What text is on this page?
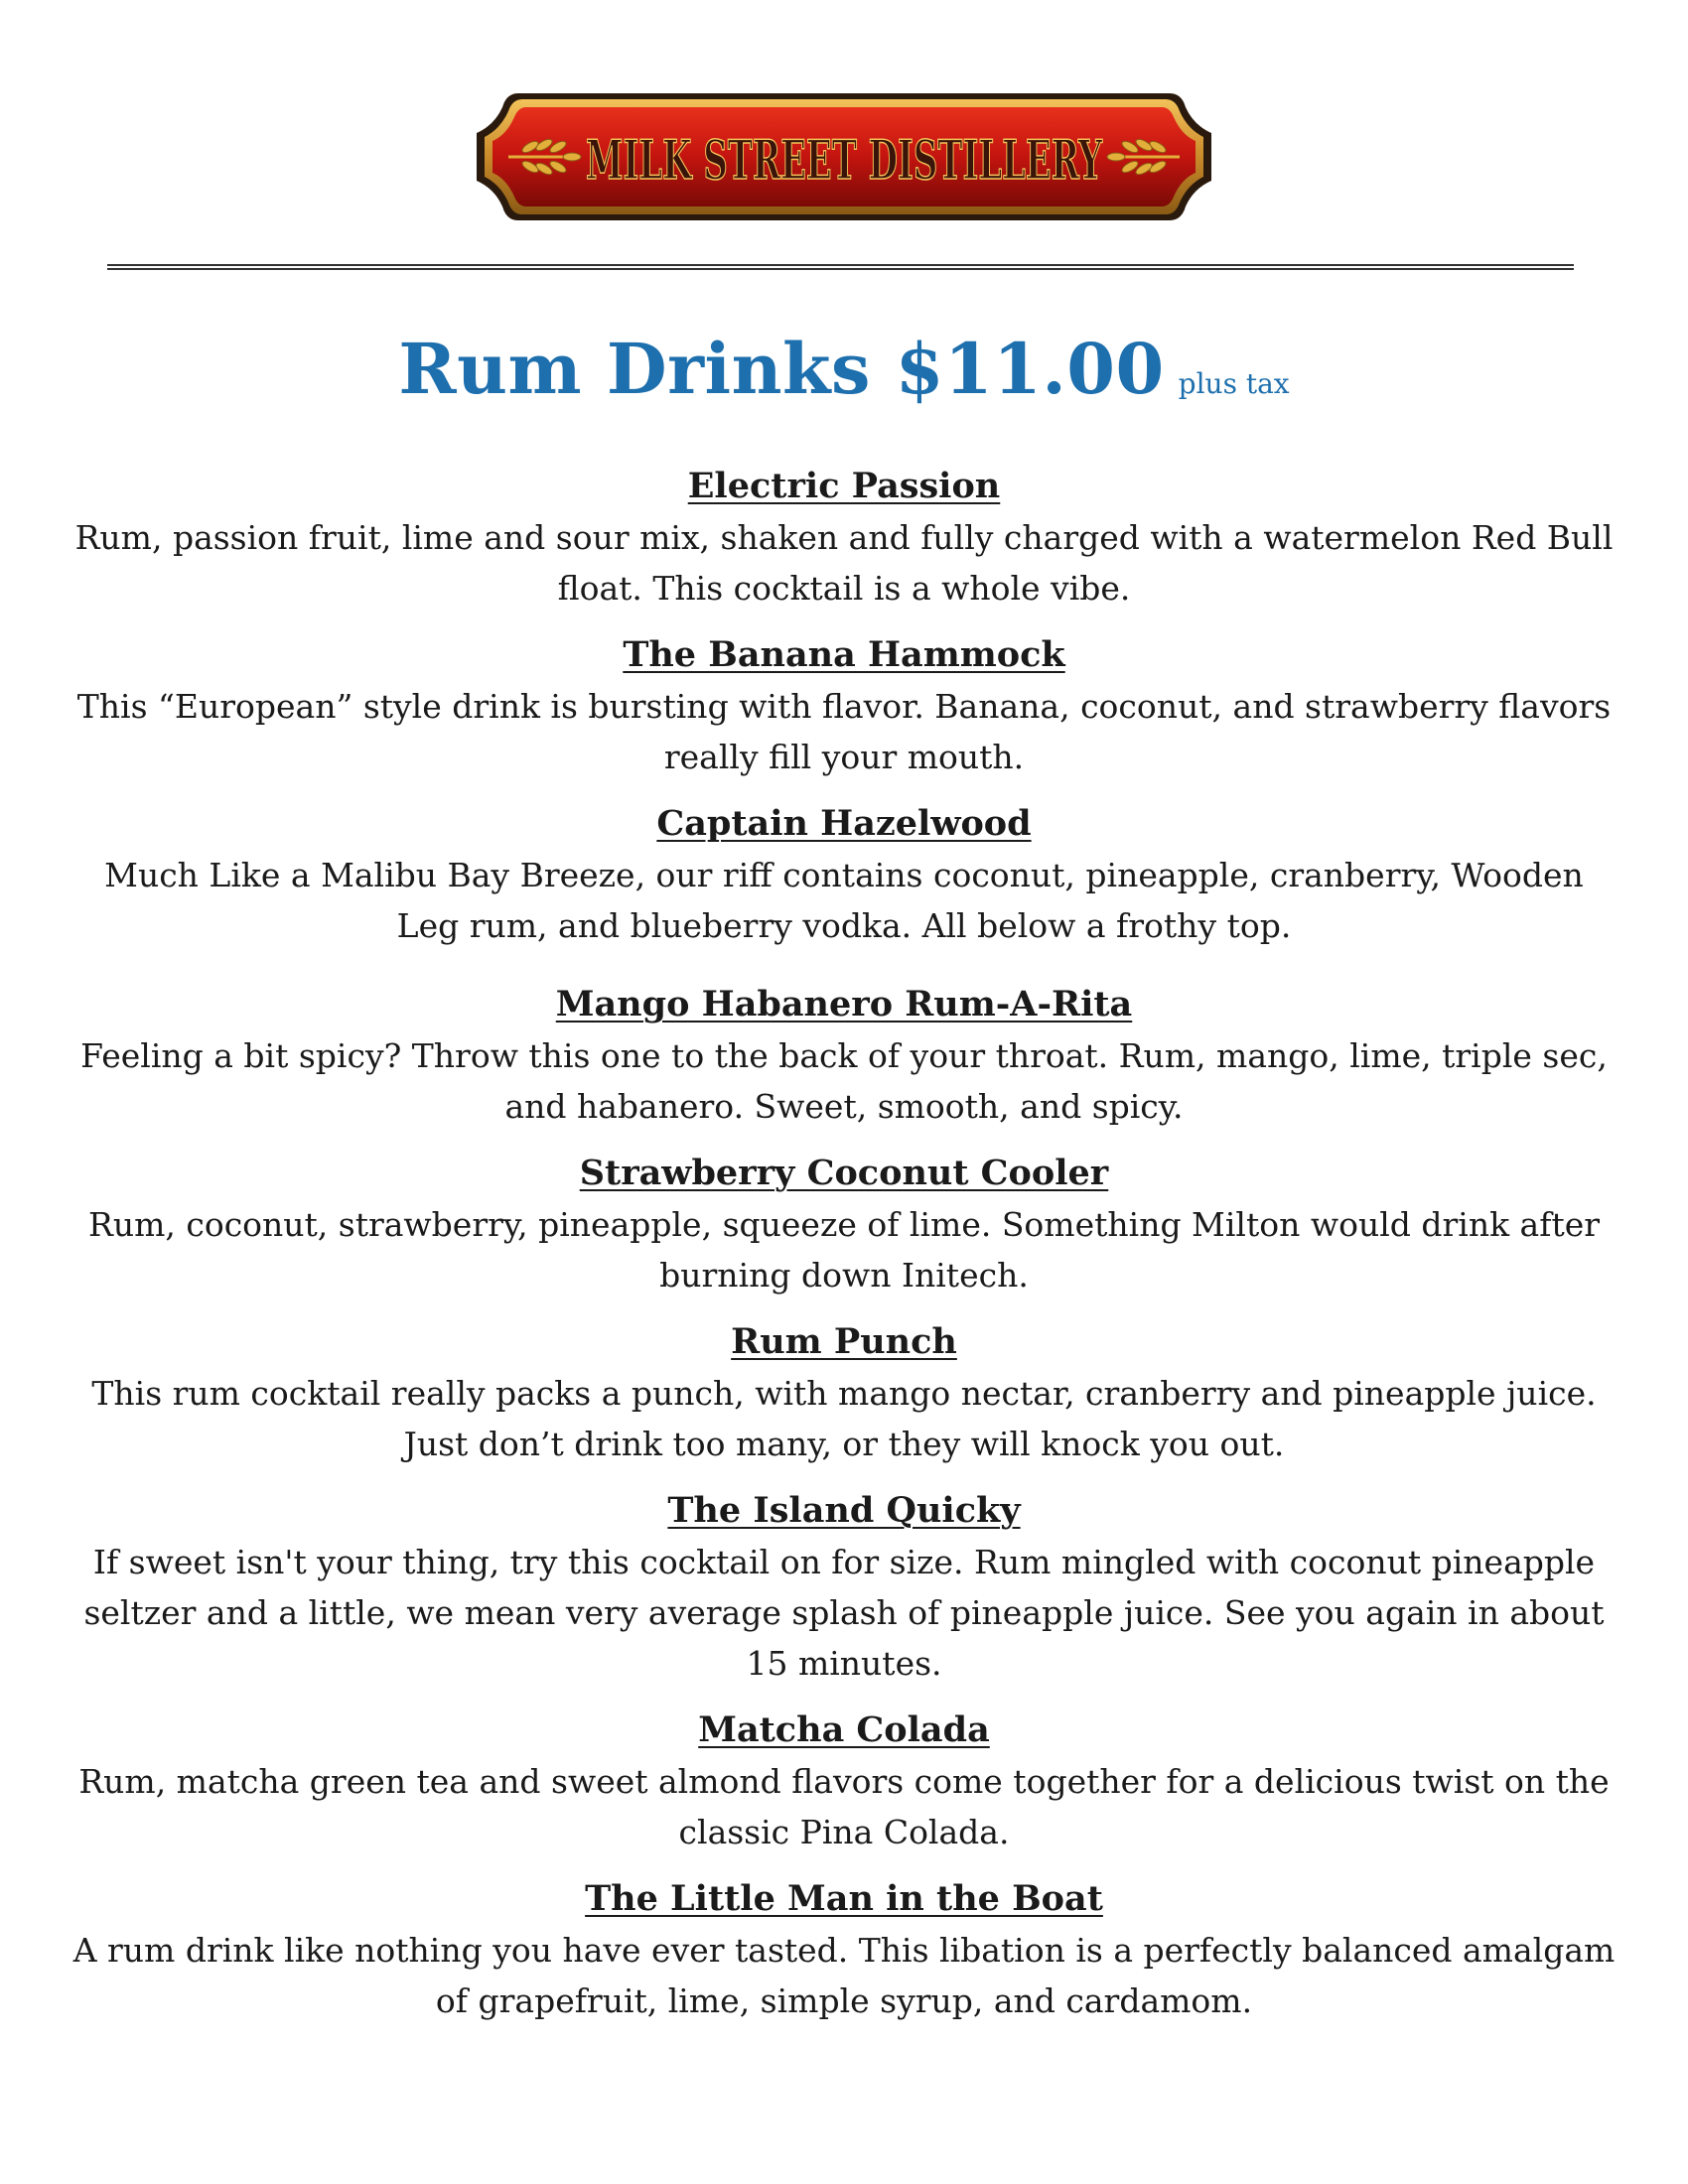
MILK STREET DISTILLERY
Rum Drinks $11.00 plus tax
Electric Passion
Rum, passion fruit, lime and sour mix, shaken and fully charged with a watermelon Red Bull float. This cocktail is a whole vibe.
The Banana Hammock
This “European” style drink is bursting with flavor. Banana, coconut, and strawberry flavors really fill your mouth.
Captain Hazelwood
Much Like a Malibu Bay Breeze, our riff contains coconut, pineapple, cranberry, Wooden Leg rum, and blueberry vodka. All below a frothy top.
Mango Habanero Rum-A-Rita
Feeling a bit spicy? Throw this one to the back of your throat. Rum, mango, lime, triple sec, and habanero. Sweet, smooth, and spicy.
Strawberry Coconut Cooler
Rum, coconut, strawberry, pineapple, squeeze of lime. Something Milton would drink after burning down Initech.
Rum Punch
This rum cocktail really packs a punch, with mango nectar, cranberry and pineapple juice. Just don’t drink too many, or they will knock you out.
The Island Quicky
If sweet isn't your thing, try this cocktail on for size. Rum mingled with coconut pineapple seltzer and a little, we mean very average splash of pineapple juice. See you again in about 15 minutes.
Matcha Colada
Rum, matcha green tea and sweet almond flavors come together for a delicious twist on the classic Pina Colada.
The Little Man in the Boat
A rum drink like nothing you have ever tasted. This libation is a perfectly balanced amalgam of grapefruit, lime, simple syrup, and cardamom.
